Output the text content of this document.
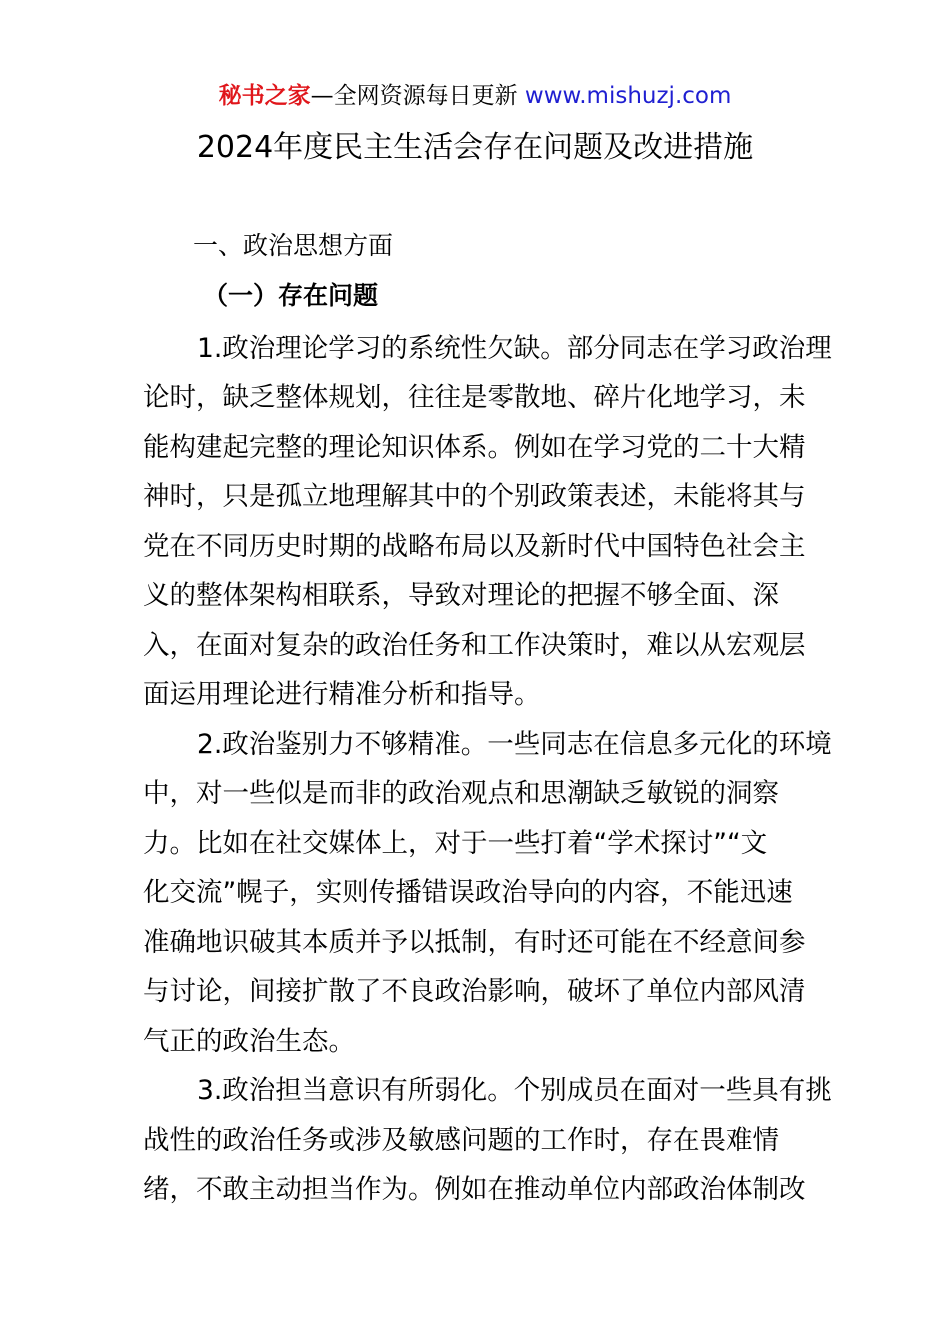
秘书之家—全网资源每日更新 www.mishuzj.com
2024年度民主生活会存在问题及改进措施
一、政治思想方面
（一）存在问题
1.政治理论学习的系统性欠缺。部分同志在学习政治理
论时，缺乏整体规划，往往是零散地、碎片化地学习，未
能构建起完整的理论知识体系。例如在学习党的二十大精
神时，只是孤立地理解其中的个别政策表述，未能将其与
党在不同历史时期的战略布局以及新时代中国特色社会主
义的整体架构相联系，导致对理论的把握不够全面、深
入，在面对复杂的政治任务和工作决策时，难以从宏观层
面运用理论进行精准分析和指导。
2.政治鉴别力不够精准。一些同志在信息多元化的环境
中，对一些似是而非的政治观点和思潮缺乏敏锐的洞察
力。比如在社交媒体上，对于一些打着“学术探讨”“文
化交流”幌子，实则传播错误政治导向的内容，不能迅速
准确地识破其本质并予以抵制，有时还可能在不经意间参
与讨论，间接扩散了不良政治影响，破坏了单位内部风清
气正的政治生态。
3.政治担当意识有所弱化。个别成员在面对一些具有挑
战性的政治任务或涉及敏感问题的工作时，存在畏难情
绪，不敢主动担当作为。例如在推动单位内部政治体制改
